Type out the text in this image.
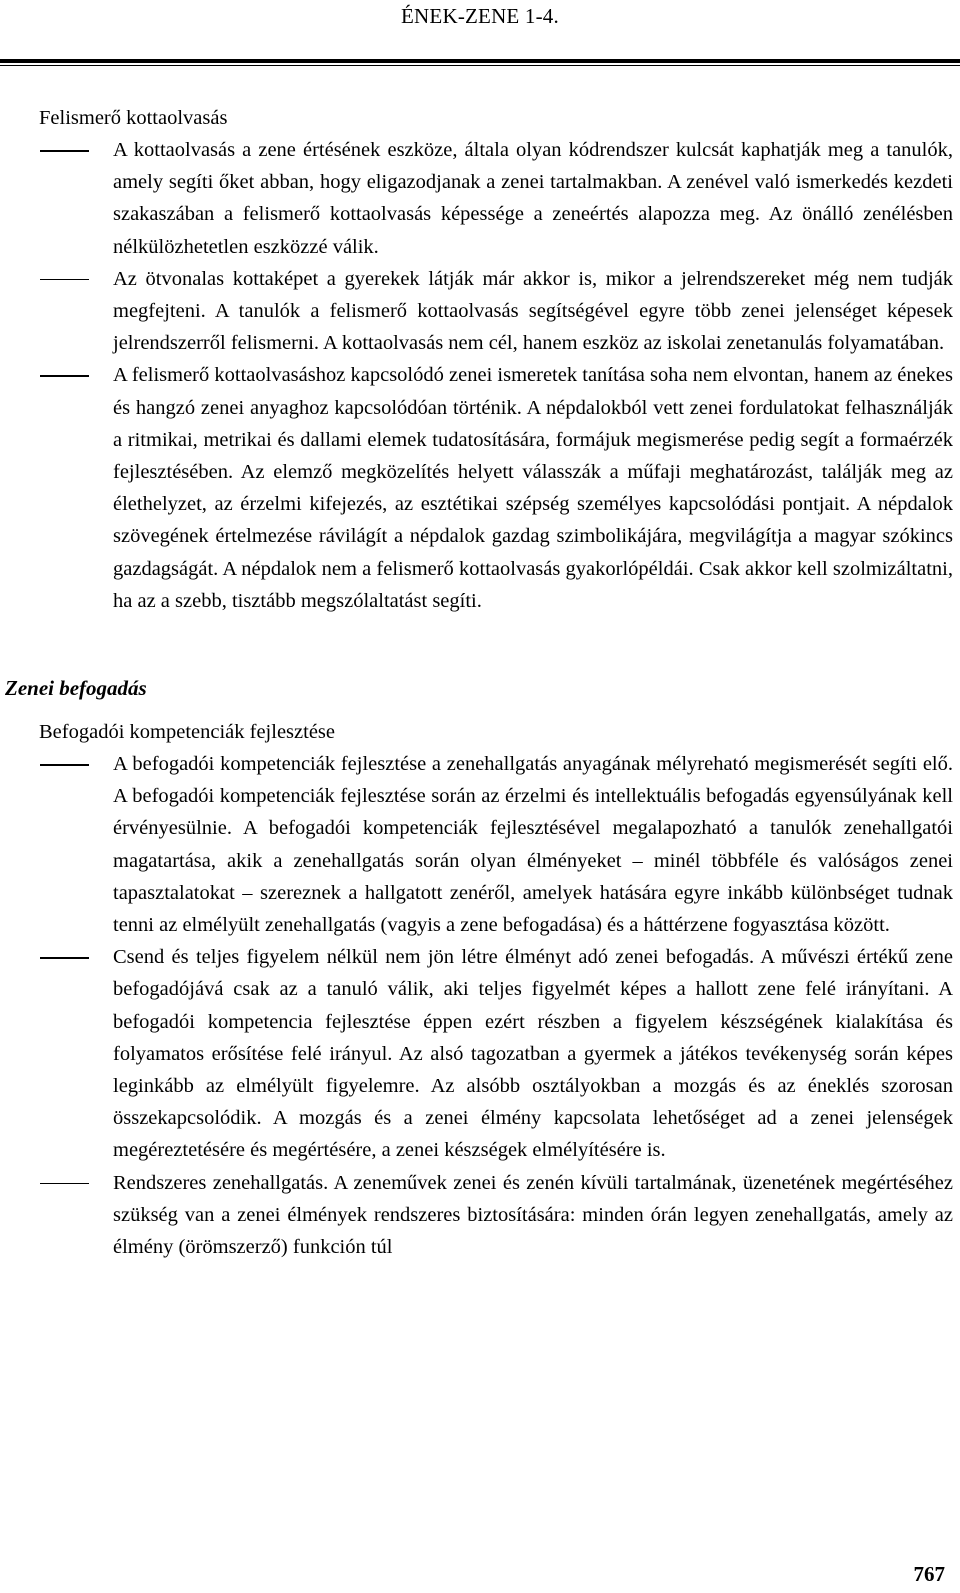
ÉNEK-ZENE 1-4.
Felismerő kottaolvasás
A kottaolvasás a zene értésének eszköze, általa olyan kódrendszer kulcsát kaphatják meg a tanulók, amely segíti őket abban, hogy eligazodjanak a zenei tartalmakban. A zenével való ismerkedés kezdeti szakaszában a felismerő kottaolvasás képessége a zeneértés alapozza meg. Az önálló zenélésben nélkülözhetetlen eszközzé válik.
Az ötvonalas kottaképet a gyerekek látják már akkor is, mikor a jelrendszereket még nem tudják megfejteni. A tanulók a felismerő kottaolvasás segítségével egyre több zenei jelenséget képesek jelrendszerről felismerni. A kottaolvasás nem cél, hanem eszköz az iskolai zenetanulás folyamatában.
A felismerő kottaolvasáshoz kapcsolódó zenei ismeretek tanítása soha nem elvontan, hanem az énekes és hangzó zenei anyaghoz kapcsolódóan történik. A népdalokból vett zenei fordulatokat felhasználják a ritmikai, metrikai és dallami elemek tudatosítására, formájuk megismerése pedig segít a formaérzék fejlesztésében. Az elemző megközelítés helyett válasszák a műfaji meghatározást, találják meg az élethelyzet, az érzelmi kifejezés, az esztétikai szépség személyes kapcsolódási pontjait. A népdalok szövegének értelmezése rávilágít a népdalok gazdag szimbolikájára, megvilágítja a magyar szókincs gazdagságát. A népdalok nem a felismerő kottaolvasás gyakorlópéldái. Csak akkor kell szolmizáltatni, ha az a szebb, tisztább megszólaltatást segíti.
Zenei befogadás
Befogadói kompetenciák fejlesztése
A befogadói kompetenciák fejlesztése a zenehallgatás anyagának mélyreható megismerését segíti elő. A befogadói kompetenciák fejlesztése során az érzelmi és intellektuális befogadás egyensúlyának kell érvényesülnie. A befogadói kompetenciák fejlesztésével megalapozható a tanulók zenehallgatói magatartása, akik a zenehallgatás során olyan élményeket – minél többféle és valóságos zenei tapasztalatokat – szereznek a hallgatott zenéről, amelyek hatására egyre inkább különbséget tudnak tenni az elmélyült zenehallgatás (vagyis a zene befogadása) és a háttérzene fogyasztása között.
Csend és teljes figyelem nélkül nem jön létre élményt adó zenei befogadás. A művészi értékű zene befogadójává csak az a tanuló válik, aki teljes figyelmét képes a hallott zene felé irányítani. A befogadói kompetencia fejlesztése éppen ezért részben a figyelem készségének kialakítása és folyamatos erősítése felé irányul. Az alsó tagozatban a gyermek a játékos tevékenység során képes leginkább az elmélyült figyelemre. Az alsóbb osztályokban a mozgás és az éneklés szorosan összekapcsolódik. A mozgás és a zenei élmény kapcsolata lehetőséget ad a zenei jelenségek megéreztetésére és megértésére, a zenei készségek elmélyítésére is.
Rendszeres zenehallgatás. A zeneművek zenei és zenén kívüli tartalmának, üzenetének megértéséhez szükség van a zenei élmények rendszeres biztosítására: minden órán legyen zenehallgatás, amely az élmény (örömszerző) funkción túl
767
